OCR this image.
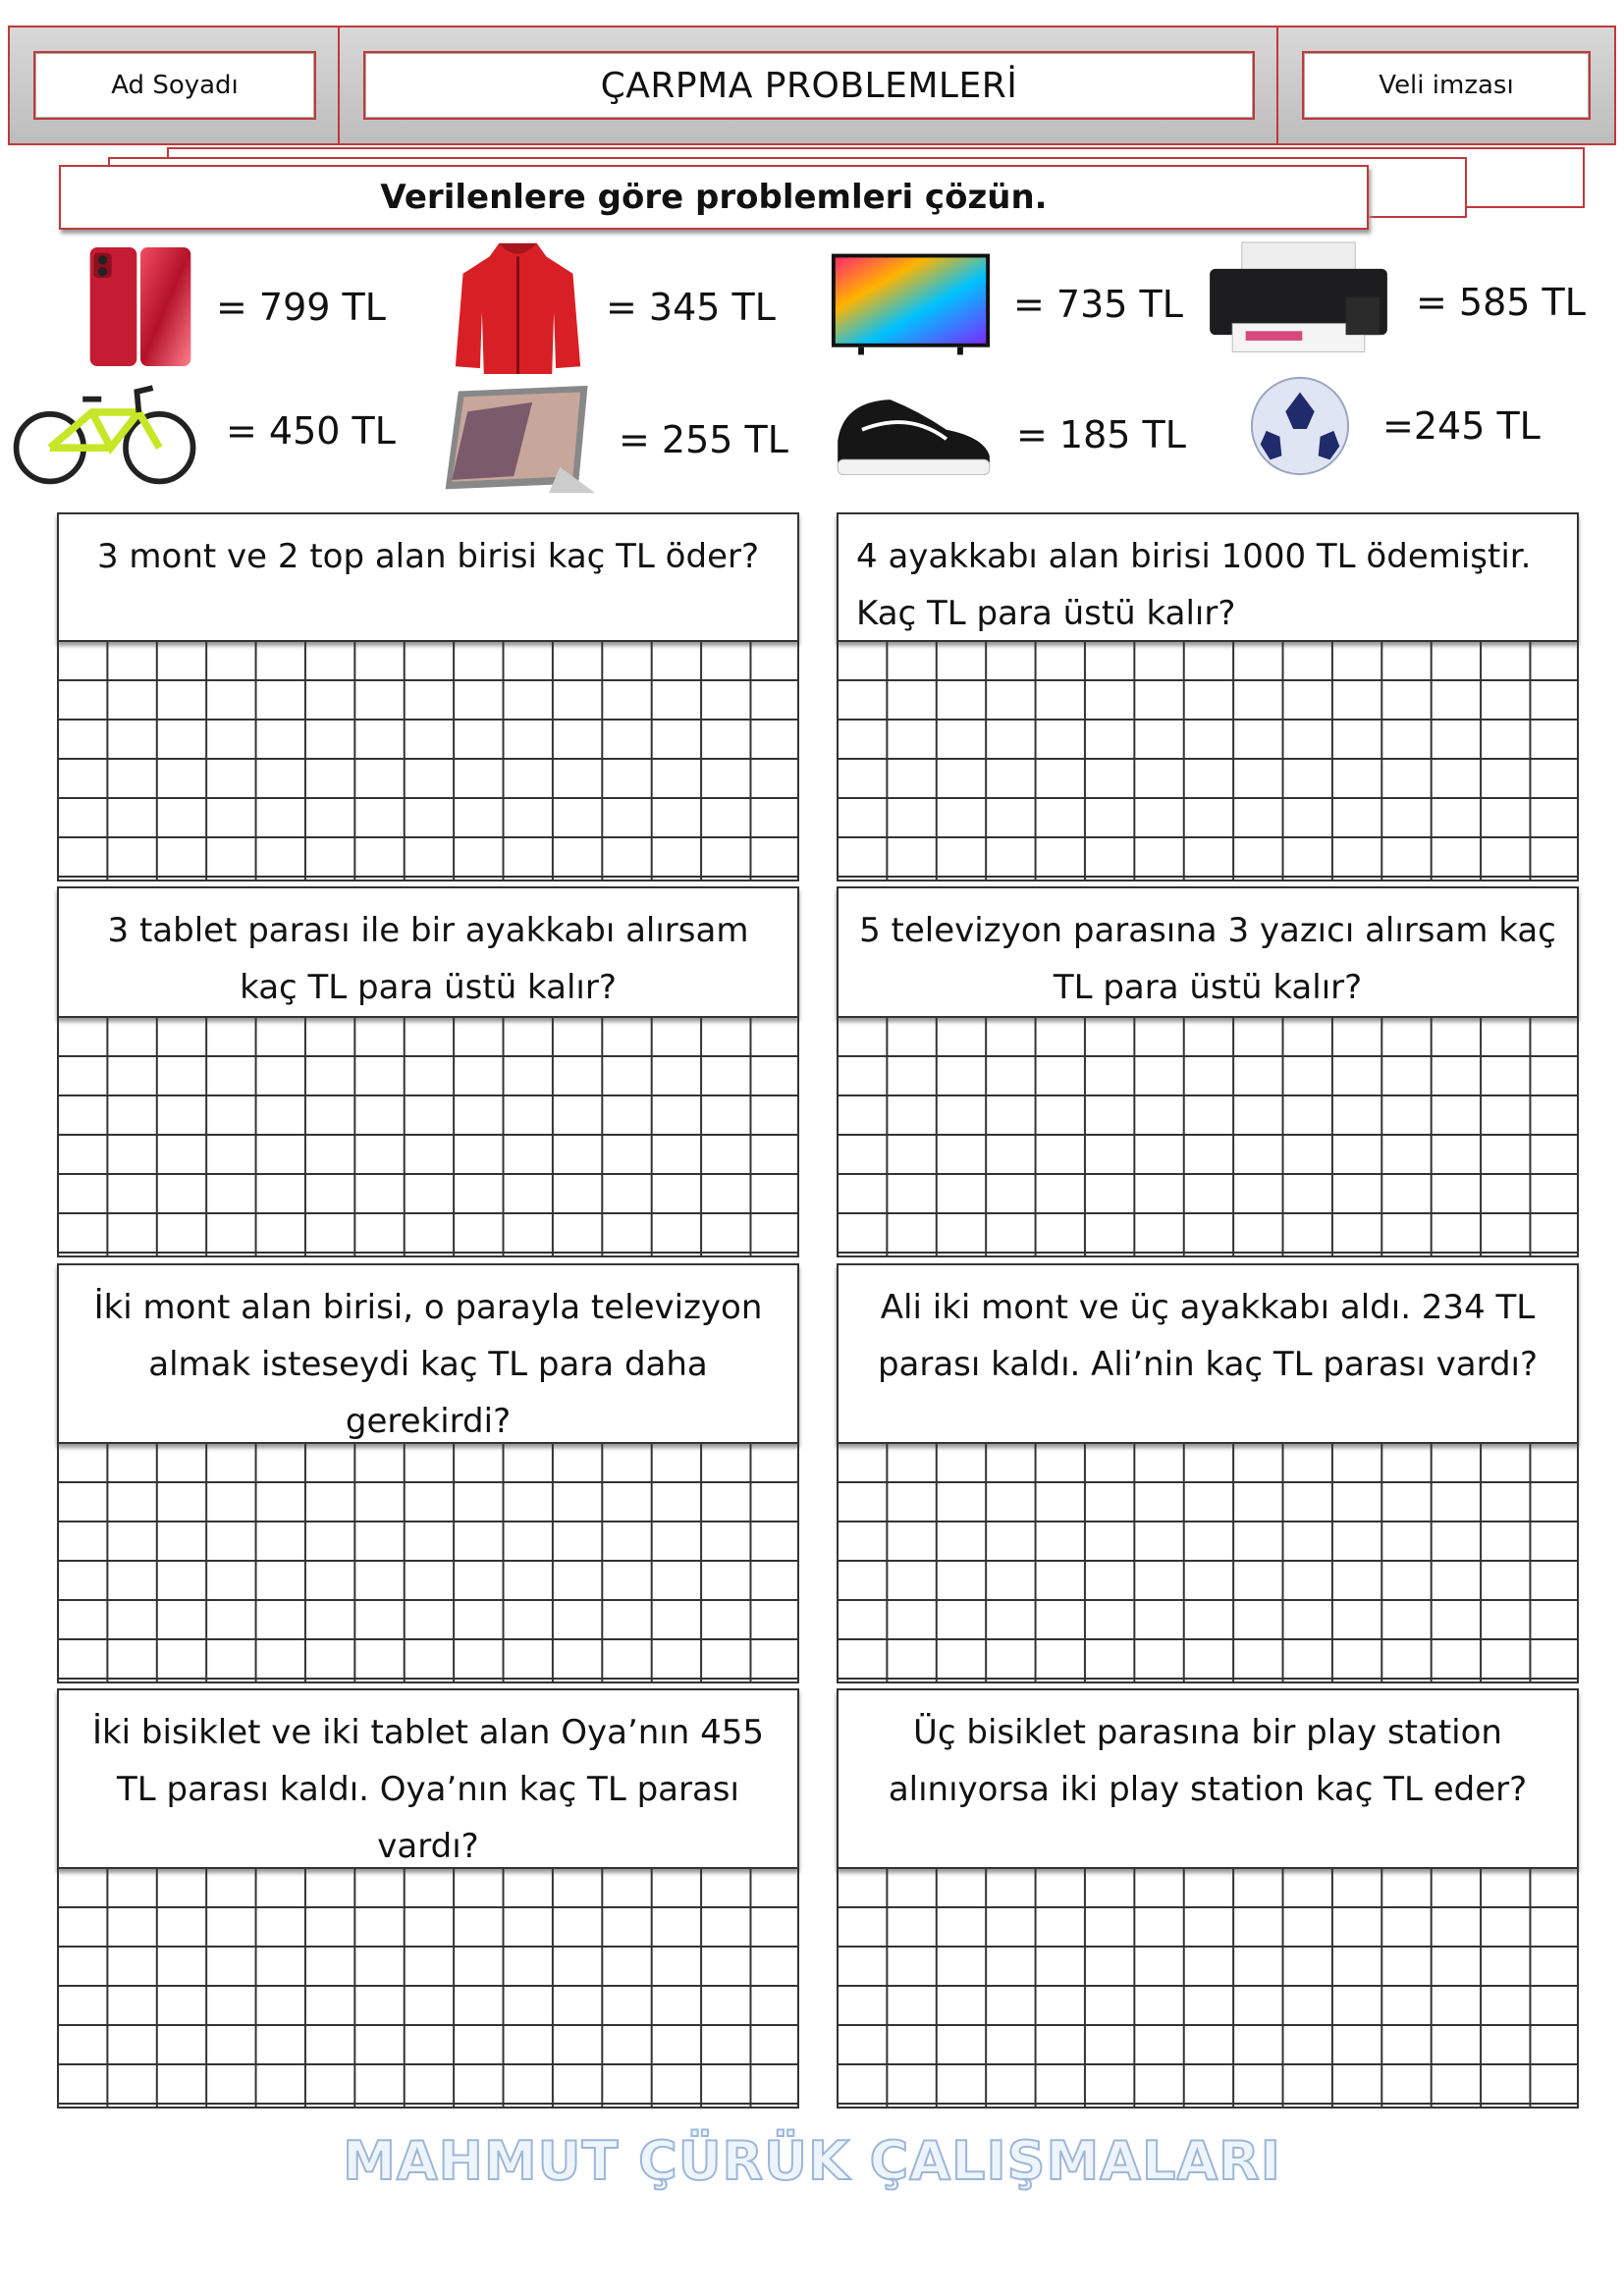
Ad Soyadı	ÇARPMA PROBLEMLERİ	Veli imzası
Verilenlere göre problemleri çözün.
= 799 TL	= 345 TL	= 735 TL	= 585 TL
= 450 TL	= 255 TL	= 185 TL	=245 TL
3 mont ve 2 top alan birisi kaç TL öder?	4 ayakkabı alan birisi 1000 TL ödemiştir. Kaç TL para üstü kalır?
3 tablet parası ile bir ayakkabı alırsam kaç TL para üstü kalır?
5 televizyon parasına 3 yazıcı alırsam kaç TL para üstü kalır?
İki mont alan birisi, o parayla televizyon almak isteseydi kaç TL para daha gerekirdi?
Ali iki mont ve üç ayakkabı aldı. 234 TL parası kaldı. Ali’nin kaç TL parası vardı?
İki bisiklet ve iki tablet alan Oya’nın 455 TL parası kaldı. Oya’nın kaç TL parası vardı?
Üç bisiklet parasına bir play station alınıyorsa iki play station kaç TL eder?
MAHMUT ÇÜRÜK ÇALIŞMALARI
